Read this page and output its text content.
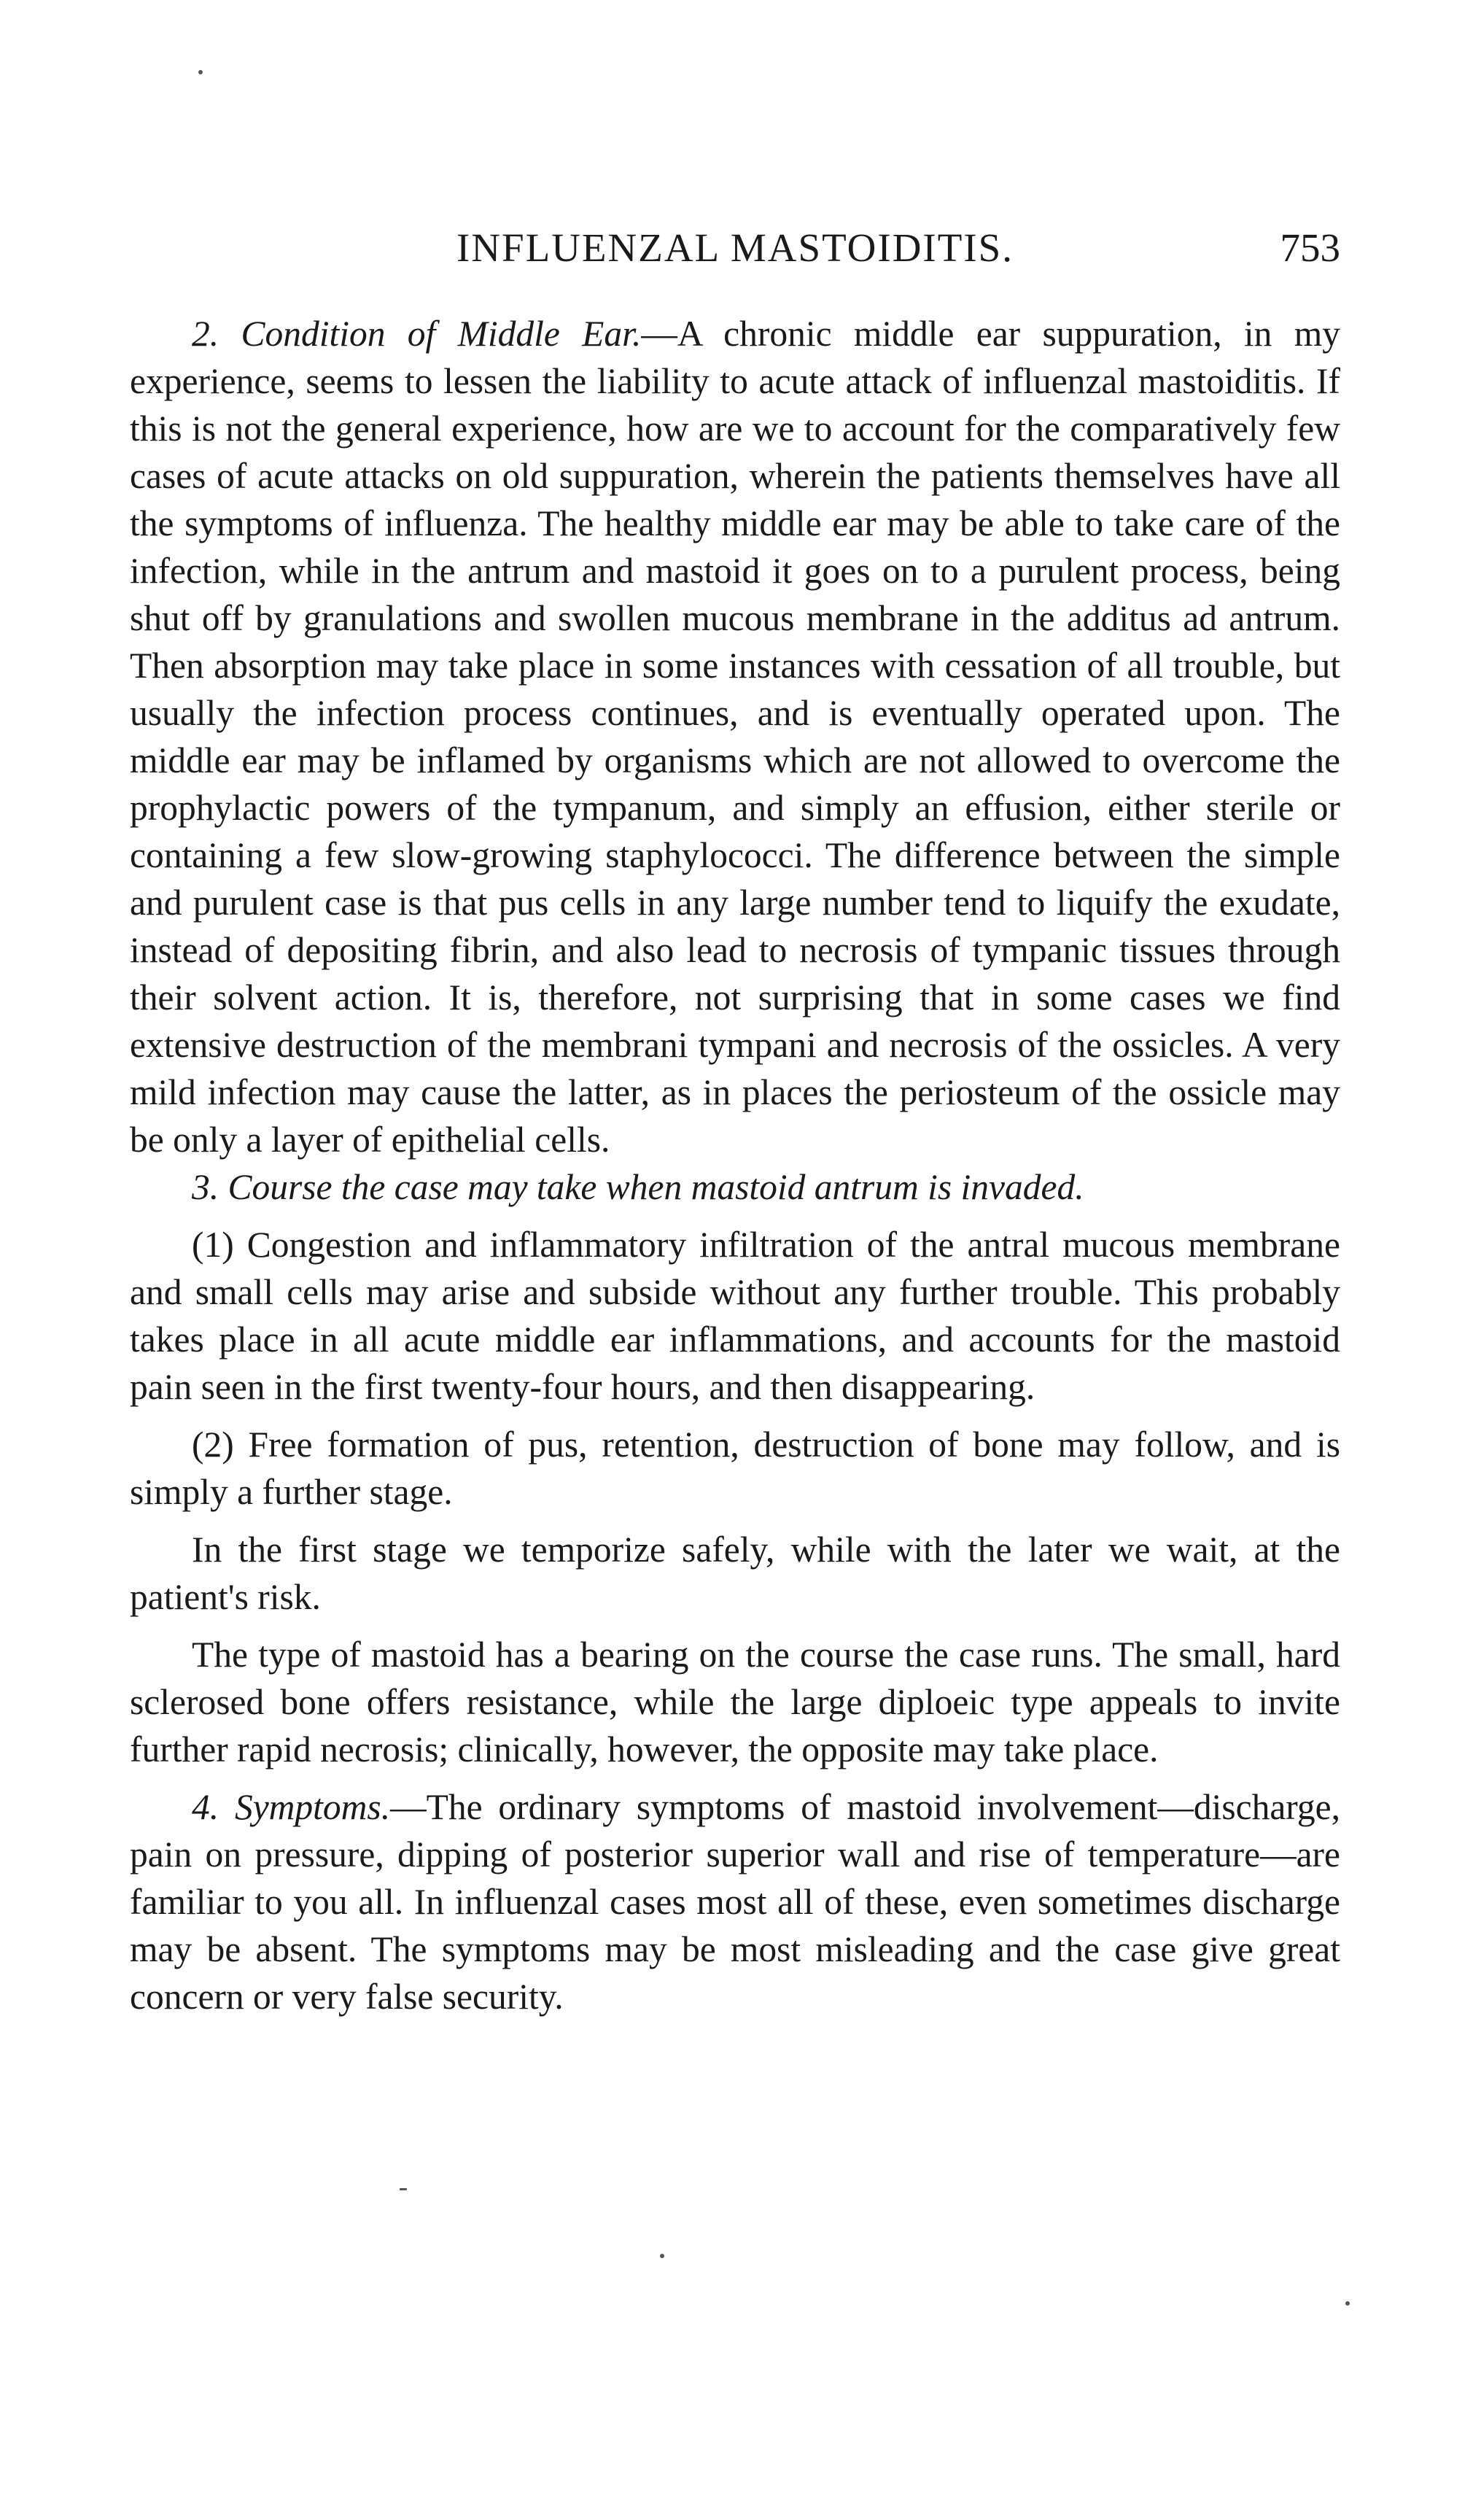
INFLUENZAL MASTOIDITIS.	753

2. Condition of Middle Ear.—A chronic middle ear suppuration, in my experience, seems to lessen the liability to acute attack of influenzal mastoiditis. If this is not the general experience, how are we to account for the comparatively few cases of acute attacks on old suppuration, wherein the patients themselves have all the symptoms of influenza. The healthy middle ear may be able to take care of the infection, while in the antrum and mastoid it goes on to a purulent process, being shut off by granulations and swollen mucous membrane in the additus ad antrum. Then absorption may take place in some instances with cessation of all trouble, but usually the infection process continues, and is eventually operated upon. The middle ear may be inflamed by organisms which are not allowed to overcome the prophylactic powers of the tympanum, and simply an effusion, either sterile or containing a few slow-growing staphylococci. The difference between the simple and purulent case is that pus cells in any large number tend to liquify the exudate, instead of depositing fibrin, and also lead to necrosis of tympanic tissues through their solvent action. It is, therefore, not surprising that in some cases we find extensive destruction of the membrani tympani and necrosis of the ossicles. A very mild infection may cause the latter, as in places the periosteum of the ossicle may be only a layer of epithelial cells.

3. Course the case may take when mastoid antrum is invaded.

(1) Congestion and inflammatory infiltration of the antral mucous membrane and small cells may arise and subside without any further trouble. This probably takes place in all acute middle ear inflammations, and accounts for the mastoid pain seen in the first twenty-four hours, and then disappearing.

(2) Free formation of pus, retention, destruction of bone may follow, and is simply a further stage.

In the first stage we temporize safely, while with the later we wait, at the patient's risk.

The type of mastoid has a bearing on the course the case runs. The small, hard sclerosed bone offers resistance, while the large diploeic type appeals to invite further rapid necrosis; clinically, however, the opposite may take place.

4. Symptoms.—The ordinary symptoms of mastoid involvement—discharge, pain on pressure, dipping of posterior superior wall and rise of temperature—are familiar to you all. In influenzal cases most all of these, even sometimes discharge may be absent. The symptoms may be most misleading and the case give great concern or very false security.
